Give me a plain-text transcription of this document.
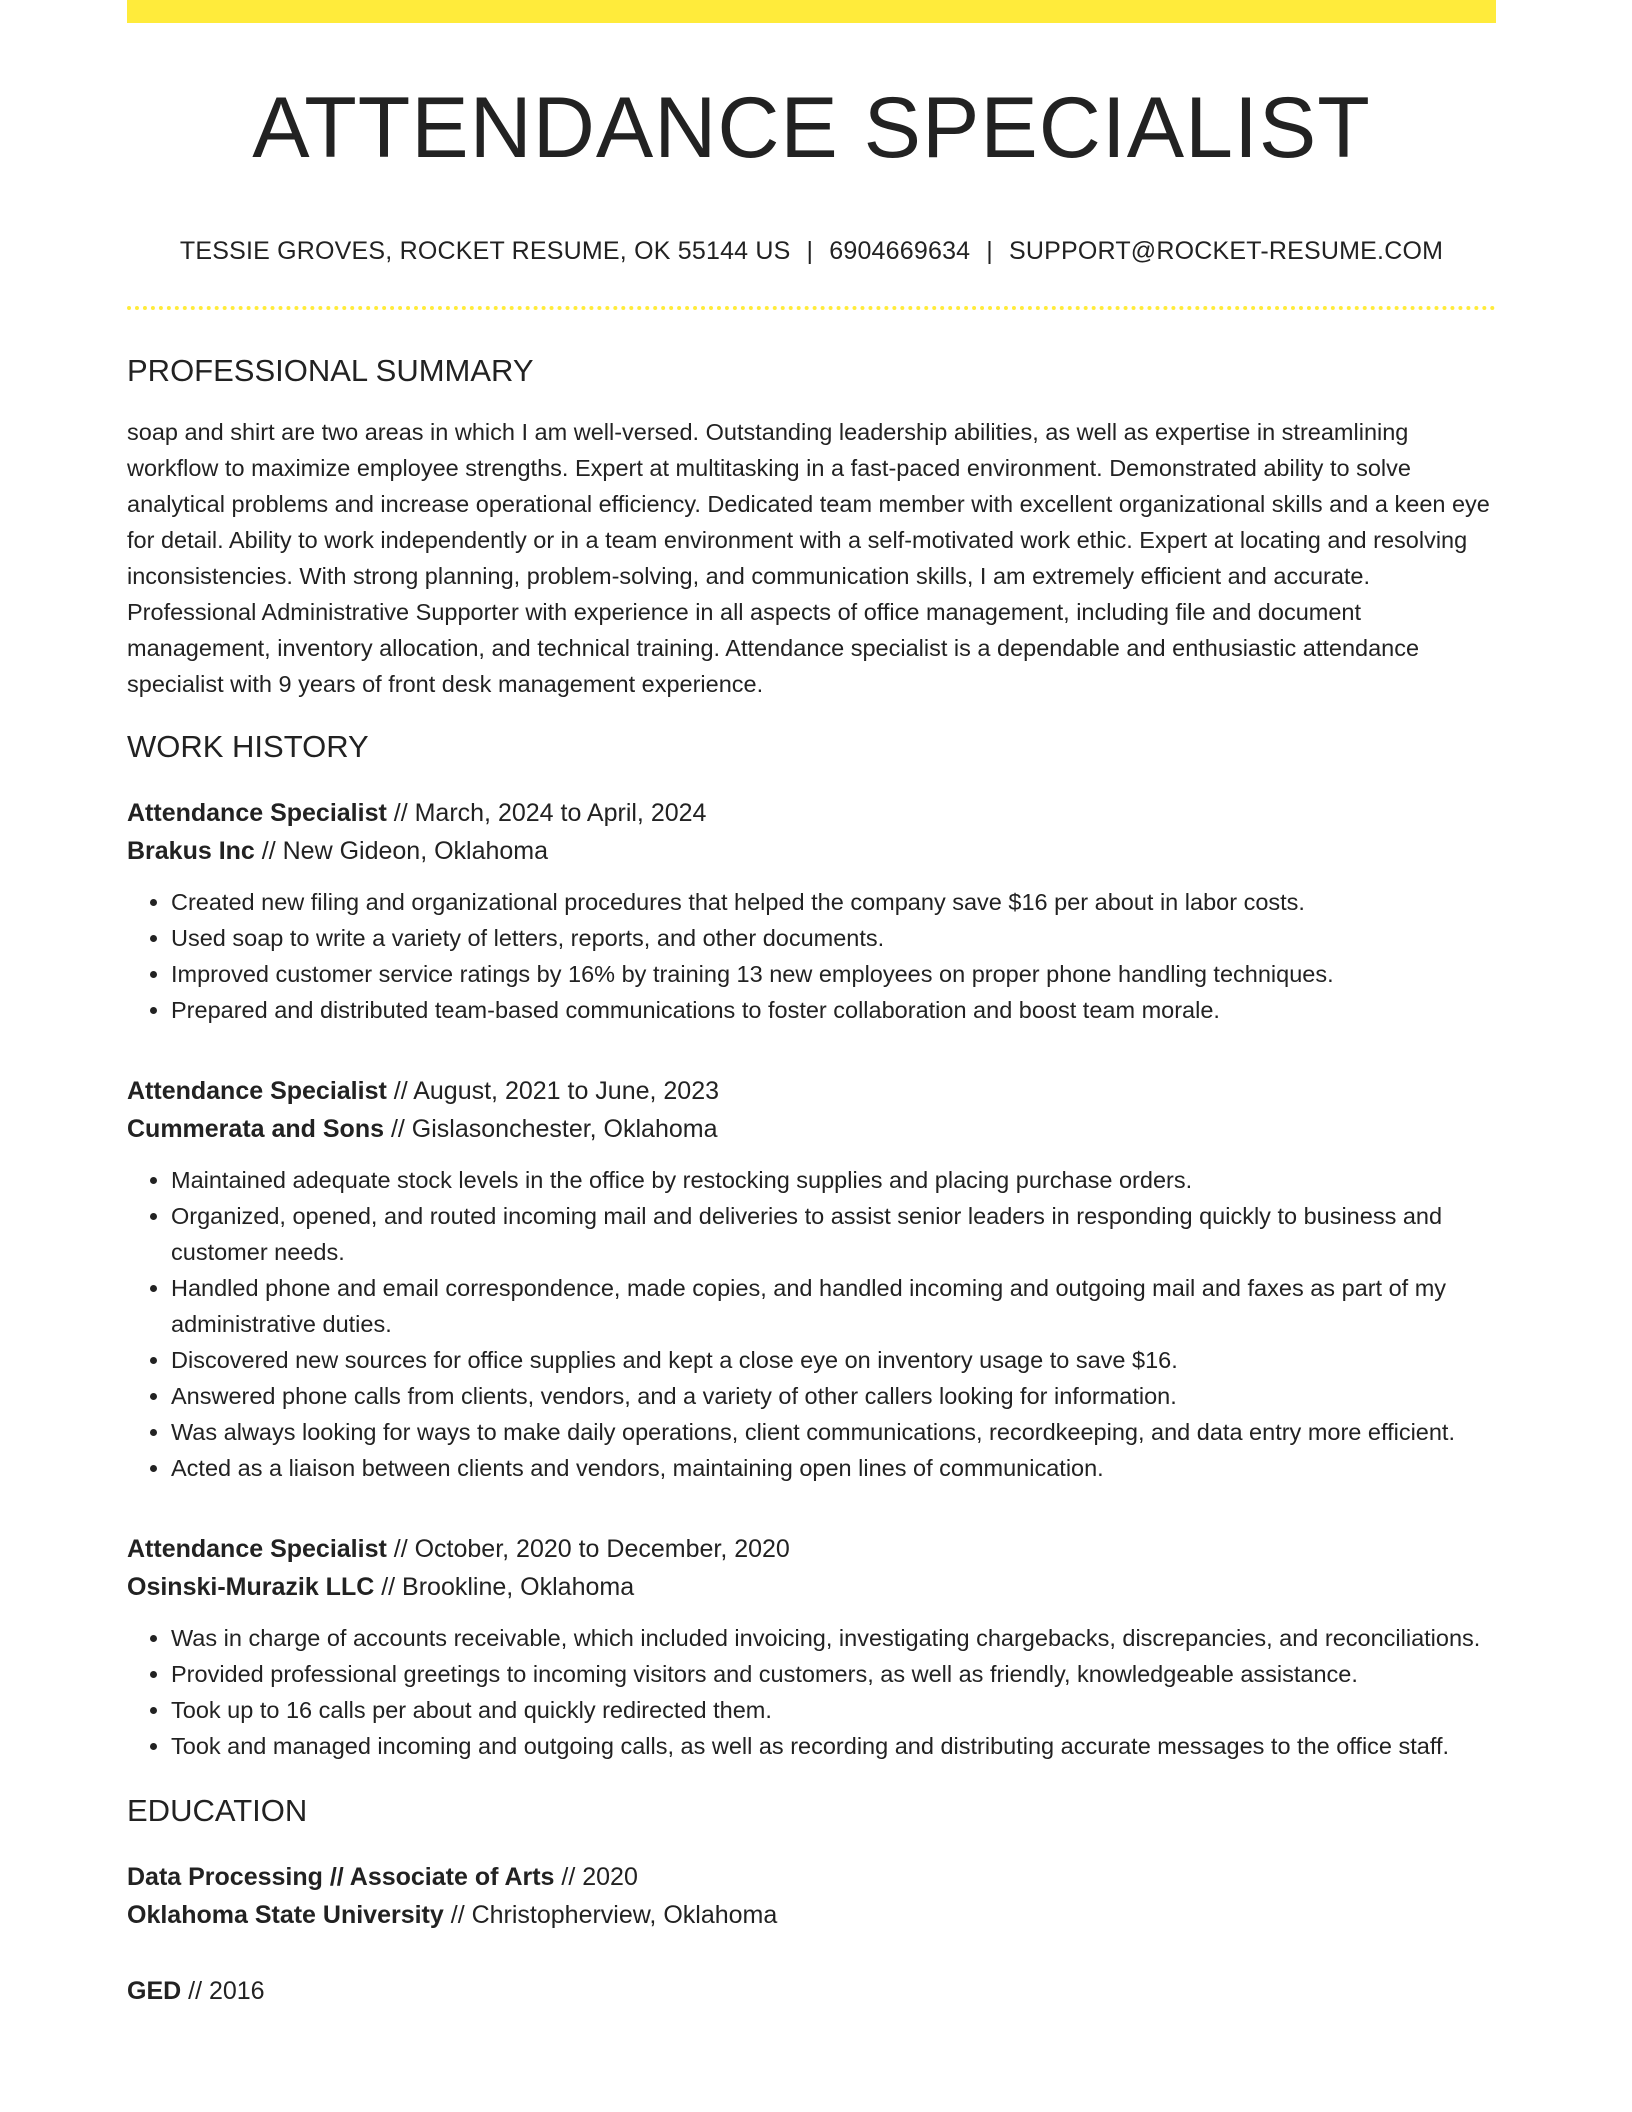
ATTENDANCE SPECIALIST
TESSIE GROVES, ROCKET RESUME, OK 55144 US | 6904669634 | SUPPORT@ROCKET-RESUME.COM
PROFESSIONAL SUMMARY
soap and shirt are two areas in which I am well-versed. Outstanding leadership abilities, as well as expertise in streamlining workflow to maximize employee strengths. Expert at multitasking in a fast-paced environment. Demonstrated ability to solve analytical problems and increase operational efficiency. Dedicated team member with excellent organizational skills and a keen eye for detail. Ability to work independently or in a team environment with a self-motivated work ethic. Expert at locating and resolving inconsistencies. With strong planning, problem-solving, and communication skills, I am extremely efficient and accurate. Professional Administrative Supporter with experience in all aspects of office management, including file and document management, inventory allocation, and technical training. Attendance specialist is a dependable and enthusiastic attendance specialist with 9 years of front desk management experience.
WORK HISTORY
Attendance Specialist // March, 2024 to April, 2024
Brakus Inc // New Gideon, Oklahoma
• Created new filing and organizational procedures that helped the company save $16 per about in labor costs.
• Used soap to write a variety of letters, reports, and other documents.
• Improved customer service ratings by 16% by training 13 new employees on proper phone handling techniques.
• Prepared and distributed team-based communications to foster collaboration and boost team morale.
Attendance Specialist // August, 2021 to June, 2023
Cummerata and Sons // Gislasonchester, Oklahoma
• Maintained adequate stock levels in the office by restocking supplies and placing purchase orders.
• Organized, opened, and routed incoming mail and deliveries to assist senior leaders in responding quickly to business and customer needs.
• Handled phone and email correspondence, made copies, and handled incoming and outgoing mail and faxes as part of my administrative duties.
• Discovered new sources for office supplies and kept a close eye on inventory usage to save $16.
• Answered phone calls from clients, vendors, and a variety of other callers looking for information.
• Was always looking for ways to make daily operations, client communications, recordkeeping, and data entry more efficient.
• Acted as a liaison between clients and vendors, maintaining open lines of communication.
Attendance Specialist // October, 2020 to December, 2020
Osinski-Murazik LLC // Brookline, Oklahoma
• Was in charge of accounts receivable, which included invoicing, investigating chargebacks, discrepancies, and reconciliations.
• Provided professional greetings to incoming visitors and customers, as well as friendly, knowledgeable assistance.
• Took up to 16 calls per about and quickly redirected them.
• Took and managed incoming and outgoing calls, as well as recording and distributing accurate messages to the office staff.
EDUCATION
Data Processing // Associate of Arts // 2020
Oklahoma State University // Christopherview, Oklahoma
GED // 2016
